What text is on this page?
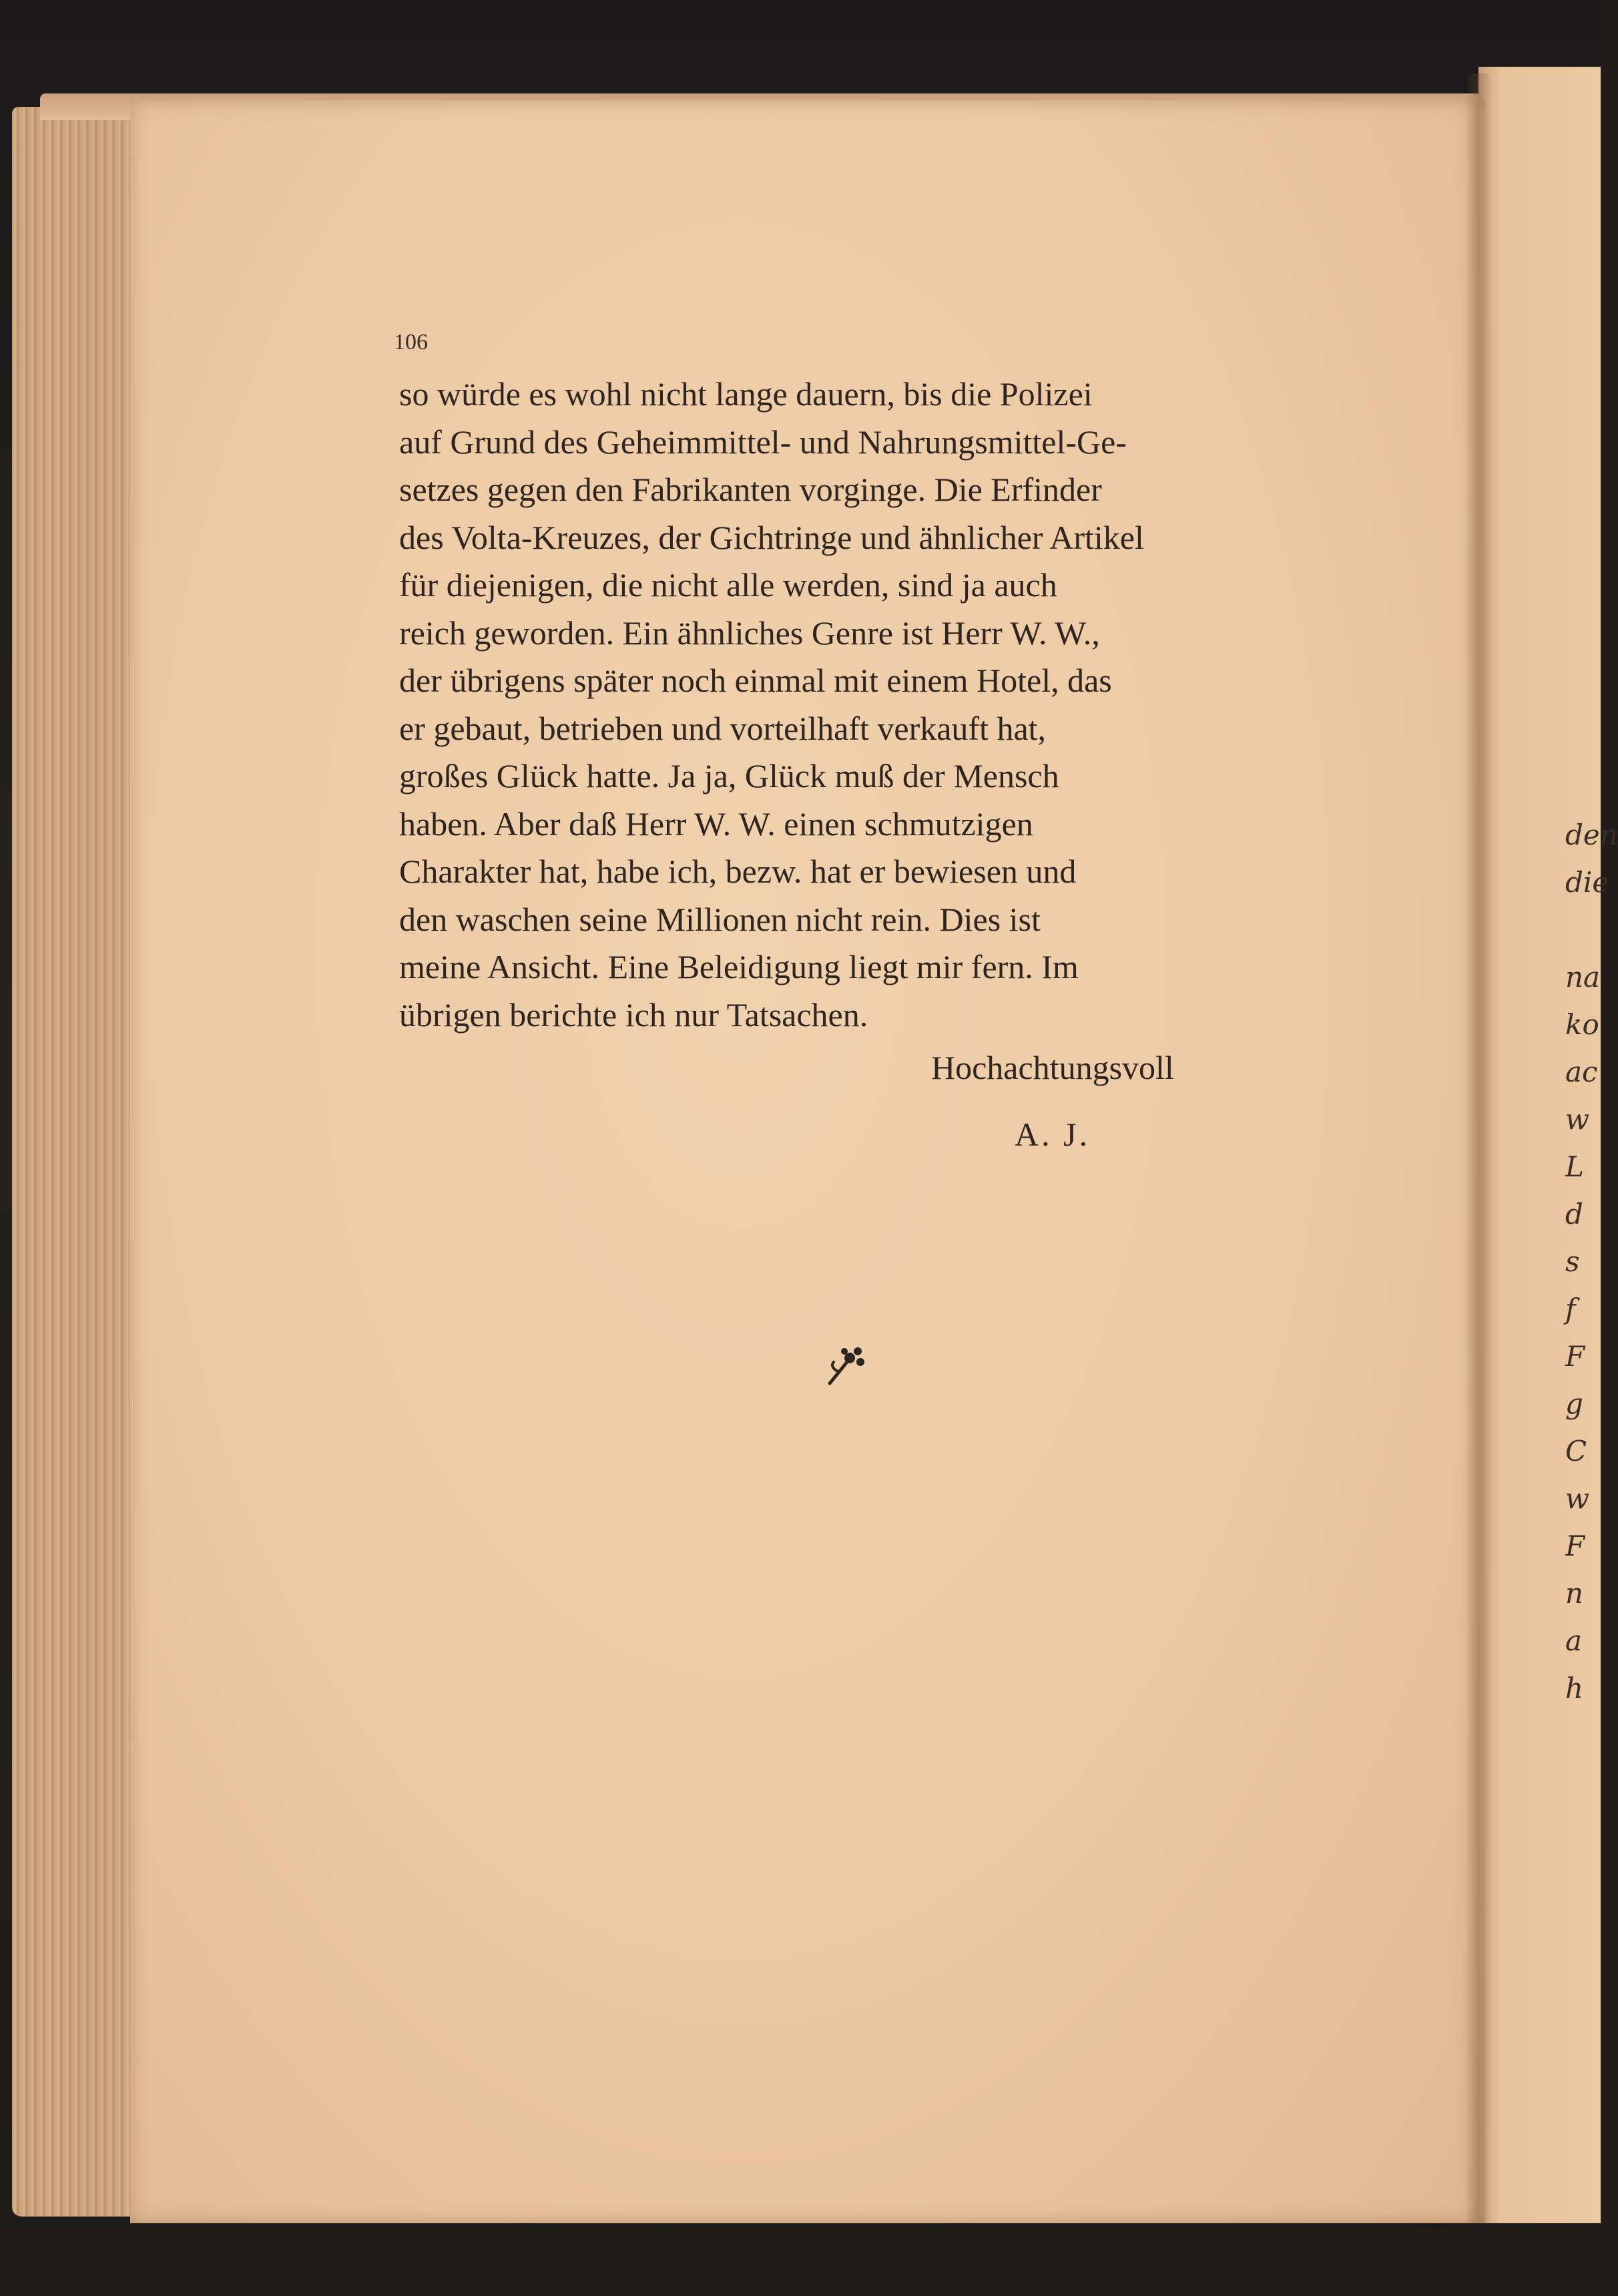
106

so würde es wohl nicht lange dauern, bis die Polizei
auf Grund des Geheimmittel- und Nahrungsmittel-Ge-
setzes gegen den Fabrikanten vorginge. Die Erfinder
des Volta-Kreuzes, der Gichtringe und ähnlicher Artikel
für diejenigen, die nicht alle werden, sind ja auch
reich geworden. Ein ähnliches Genre ist Herr W. W.,
der übrigens später noch einmal mit einem Hotel, das
er gebaut, betrieben und vorteilhaft verkauft hat,
großes Glück hatte. Ja ja, Glück muß der Mensch
haben. Aber daß Herr W. W. einen schmutzigen
Charakter hat, habe ich, bezw. hat er bewiesen und
den waschen seine Millionen nicht rein. Dies ist
meine Ansicht. Eine Beleidigung liegt mir fern. Im
übrigen berichte ich nur Tatsachen.

Hochachtungsvoll
A. J.
den
die
na
ko
ac
w
L
d
s
f
F
g
C
w
F
n
a
h
